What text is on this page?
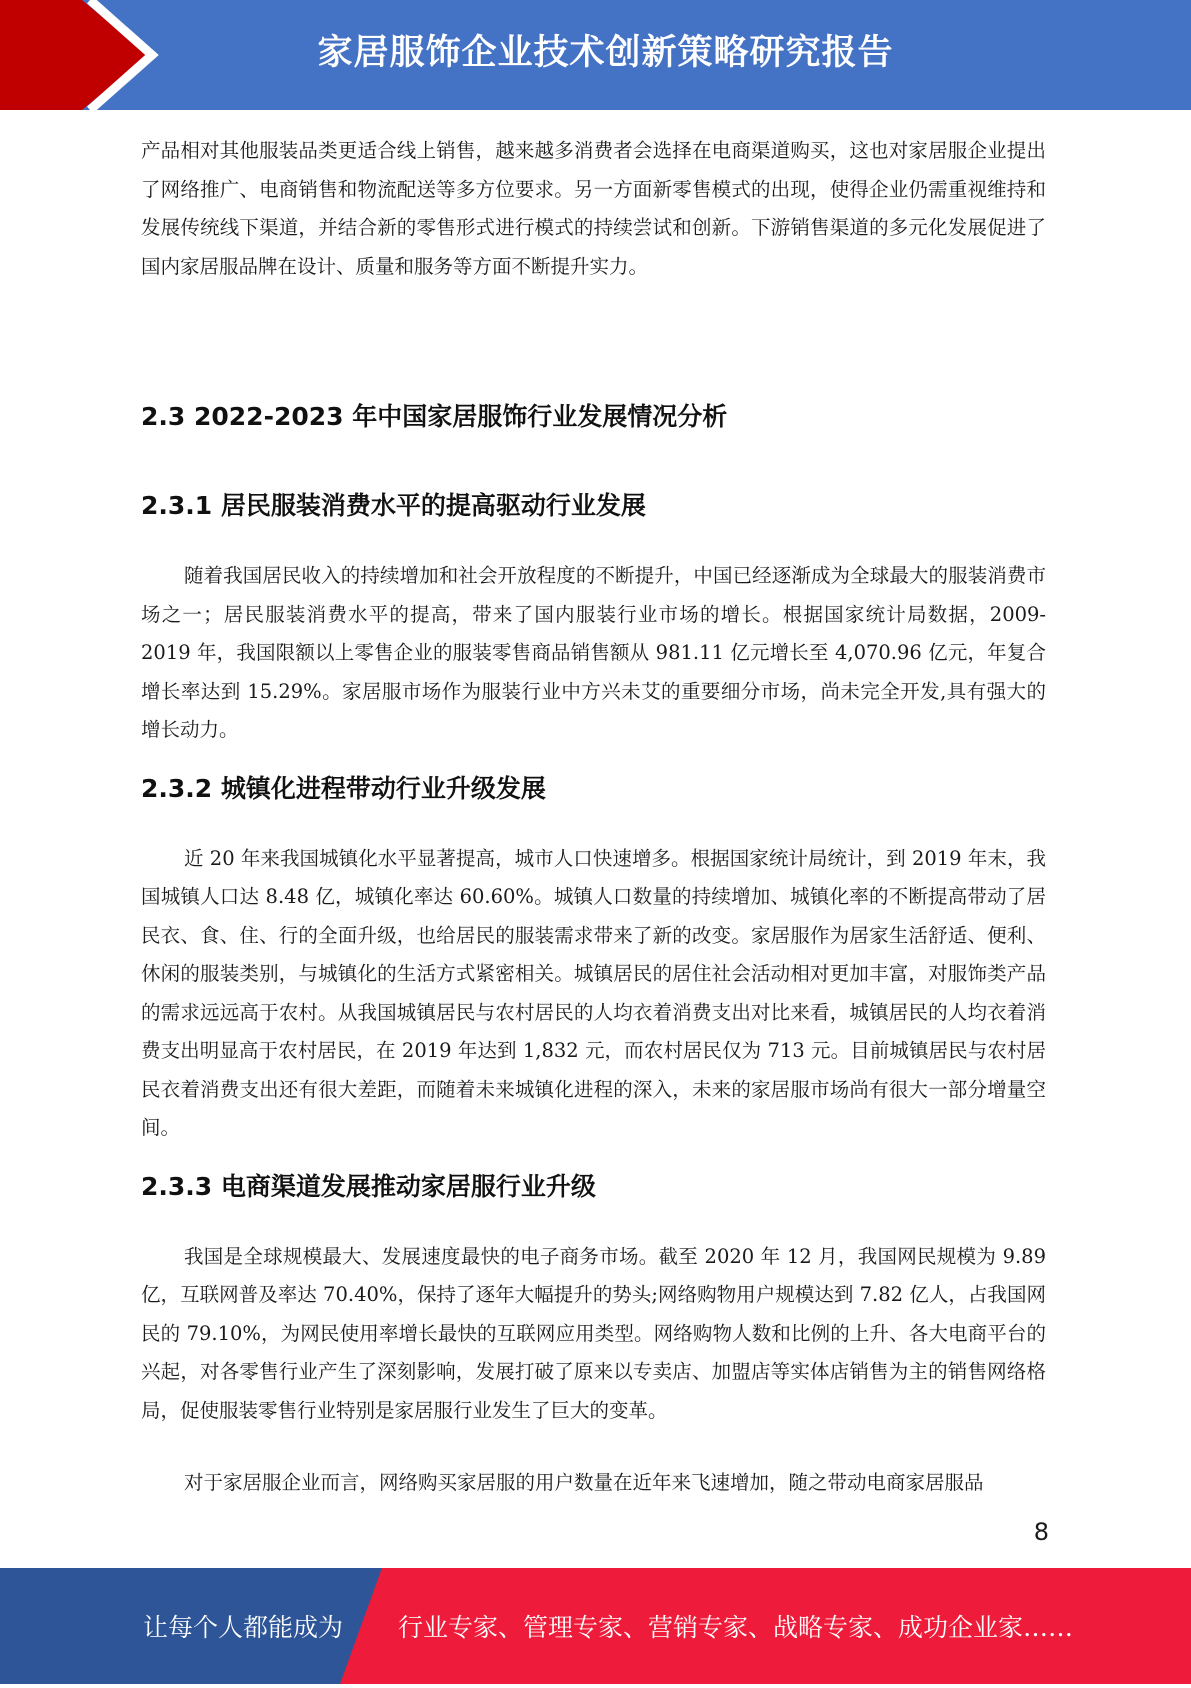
家居服饰企业技术创新策略研究报告

产品相对其他服装品类更适合线上销售，越来越多消费者会选择在电商渠道购买，这也对家居服企业提出了网络推广、电商销售和物流配送等多方位要求。另一方面新零售模式的出现，使得企业仍需重视维持和发展传统线下渠道，并结合新的零售形式进行模式的持续尝试和创新。下游销售渠道的多元化发展促进了国内家居服品牌在设计、质量和服务等方面不断提升实力。

2.3 2022-2023 年中国家居服饰行业发展情况分析
2.3.1 居民服装消费水平的提高驱动行业发展

随着我国居民收入的持续增加和社会开放程度的不断提升，中国已经逐渐成为全球最大的服装消费市场之一；居民服装消费水平的提高，带来了国内服装行业市场的增长。根据国家统计局数据，2009-2019 年，我国限额以上零售企业的服装零售商品销售额从 981.11 亿元增长至 4,070.96 亿元，年复合增长率达到 15.29%。家居服市场作为服装行业中方兴未艾的重要细分市场，尚未完全开发,具有强大的增长动力。

2.3.2 城镇化进程带动行业升级发展

近 20 年来我国城镇化水平显著提高，城市人口快速增多。根据国家统计局统计，到 2019 年末，我国城镇人口达 8.48 亿，城镇化率达 60.60%。城镇人口数量的持续增加、城镇化率的不断提高带动了居民衣、食、住、行的全面升级，也给居民的服装需求带来了新的改变。家居服作为居家生活舒适、便利、休闲的服装类别，与城镇化的生活方式紧密相关。城镇居民的居住社会活动相对更加丰富，对服饰类产品的需求远远高于农村。从我国城镇居民与农村居民的人均衣着消费支出对比来看，城镇居民的人均衣着消费支出明显高于农村居民，在 2019 年达到 1,832 元，而农村居民仅为 713 元。目前城镇居民与农村居民衣着消费支出还有很大差距，而随着未来城镇化进程的深入，未来的家居服市场尚有很大一部分增量空间。

2.3.3 电商渠道发展推动家居服行业升级

我国是全球规模最大、发展速度最快的电子商务市场。截至 2020 年 12 月，我国网民规模为 9.89 亿，互联网普及率达 70.40%，保持了逐年大幅提升的势头;网络购物用户规模达到 7.82 亿人，占我国网民的 79.10%，为网民使用率增长最快的互联网应用类型。网络购物人数和比例的上升、各大电商平台的兴起，对各零售行业产生了深刻影响，发展打破了原来以专卖店、加盟店等实体店销售为主的销售网络格局，促使服装零售行业特别是家居服行业发生了巨大的变革。

对于家居服企业而言，网络购买家居服的用户数量在近年来飞速增加，随之带动电商家居服品

8
让每个人都能成为 行业专家、管理专家、营销专家、战略专家、成功企业家……
